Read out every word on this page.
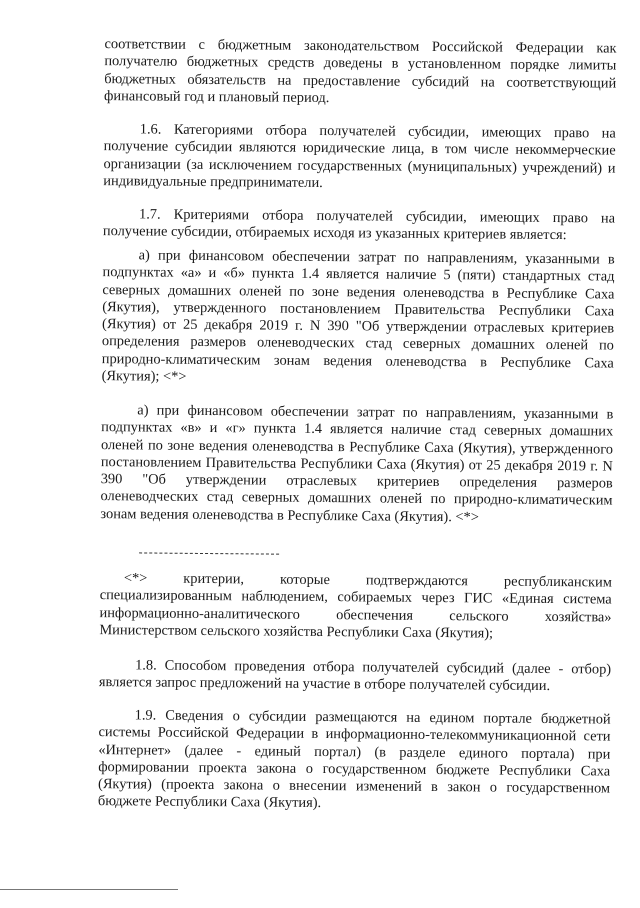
соответствии с бюджетным законодательством Российской Федерации как получателю бюджетных средств доведены в установленном порядке лимиты бюджетных обязательств на предоставление субсидий на соответствующий финансовый год и плановый период.

1.6. Категориями отбора получателей субсидии, имеющих право на получение субсидии являются юридические лица, в том числе некоммерческие организации (за исключением государственных (муниципальных) учреждений) и индивидуальные предприниматели.

1.7. Критериями отбора получателей субсидии, имеющих право на получение субсидии, отбираемых исходя из указанных критериев является:

а) при финансовом обеспечении затрат по направлениям, указанными в подпунктах «а» и «б» пункта 1.4 является наличие 5 (пяти) стандартных стад северных домашних оленей по зоне ведения оленеводства в Республике Саха (Якутия), утвержденного постановлением Правительства Республики Саха (Якутия) от 25 декабря 2019 г. N 390 "Об утверждении отраслевых критериев определения размеров оленеводческих стад северных домашних оленей по природно-климатическим зонам ведения оленеводства в Республике Саха (Якутия); <*>

а) при финансовом обеспечении затрат по направлениям, указанными в подпунктах «в» и «г» пункта 1.4 является наличие стад северных домашних оленей по зоне ведения оленеводства в Республике Саха (Якутия), утвержденного постановлением Правительства Республики Саха (Якутия) от 25 декабря 2019 г. N 390 "Об утверждении отраслевых критериев определения размеров оленеводческих стад северных домашних оленей по природно-климатическим зонам ведения оленеводства в Республике Саха (Якутия). <*>

<*> критерии, которые подтверждаются республиканским специализированным наблюдением, собираемых через ГИС «Единая система информационно-аналитического обеспечения сельского хозяйства» Министерством сельского хозяйства Республики Саха (Якутия);

1.8. Способом проведения отбора получателей субсидий (далее - отбор) является запрос предложений на участие в отборе получателей субсидии.

1.9. Сведения о субсидии размещаются на едином портале бюджетной системы Российской Федерации в информационно-телекоммуникационной сети «Интернет» (далее - единый портал) (в разделе единого портала) при формировании проекта закона о государственном бюджете Республики Саха (Якутия) (проекта закона о внесении изменений в закон о государственном бюджете Республики Саха (Якутия).
